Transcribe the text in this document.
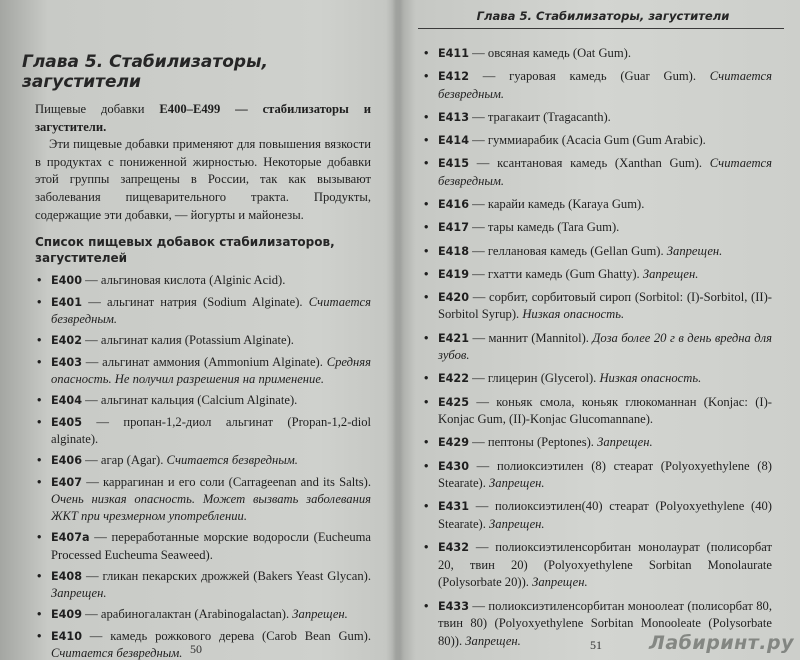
Глава 5. Стабилизаторы, загустители

Пищевые добавки Е400–Е499 — стабилизаторы и загустители.

Эти пищевые добавки применяют для повышения вязкости в продуктах с пониженной жирностью. Некоторые добавки этой группы запрещены в России, так как вызывают заболевания пищеварительного тракта. Продукты, содержащие эти добавки, — йогурты и майонезы.

Список пищевых добавок стабилизаторов, загустителей
• Е400 — альгиновая кислота (Alginic Acid).
• Е401 — альгинат натрия (Sodium Alginate). Считается безвредным.
• Е402 — альгинат калия (Potassium Alginate).
• Е403 — альгинат аммония (Ammonium Alginate). Средняя опасность. Не получил разрешения на применение.
• Е404 — альгинат кальция (Calcium Alginate).
• Е405 — пропан-1,2-диол альгинат (Propan-1,2-diol alginate).
• Е406 — агар (Agar). Считается безвредным.
• Е407 — каррагинан и его соли (Carrageenan and its Salts). Очень низкая опасность. Может вызвать заболевания ЖКТ при чрезмерном употреблении.
• Е407а — переработанные морские водоросли (Eucheuma Processed Eucheuma Seaweed).
• Е408 — гликан пекарских дрожжей (Bakers Yeast Glycan). Запрещен.
• Е409 — арабиногалактан (Arabinogalactan). Запрещен.
• Е410 — камедь рожкового дерева (Carob Bean Gum). Считается безвредным. 50
Глава 5. Стабилизаторы, загустители
• Е411 — овсяная камедь (Oat Gum).
• Е412 — гуаровая камедь (Guar Gum). Считается безвредным.
• Е413 — трагакаит (Tragacanth).
• Е414 — гуммиарабик (Acacia Gum (Gum Arabic).
• Е415 — ксантановая камедь (Xanthan Gum). Считается безвредным.
• Е416 — карайи камедь (Karaya Gum).
• Е417 — тары камедь (Tara Gum).
• Е418 — геллановая камедь (Gellan Gum). Запрещен.
• Е419 — гхатти камедь (Gum Ghatty). Запрещен.
• Е420 — сорбит, сорбитовый сироп (Sorbitol: (I)-Sorbitol, (II)-Sorbitol Syrup). Низкая опасность.
• Е421 — маннит (Mannitol). Доза более 20 г в день вредна для зубов.
• Е422 — глицерин (Glycerol). Низкая опасность.
• Е425 — коньяк смола, коньяк глюкоманнан (Konjac: (I)-Konjac Gum, (II)-Konjac Glucomannane).
• Е429 — пептоны (Peptones). Запрещен.
• Е430 — полиоксиэтилен (8) стеарат (Polyoxyethylene (8) Stearate). Запрещен.
• Е431 — полиоксиэтилен(40) стеарат (Polyoxyethylene (40) Stearate). Запрещен.
• Е432 — полиоксиэтиленсорбитан монолаурат (полисорбат 20, твин 20) (Polyoxyethylene Sorbitan Monolaurate (Polysorbate 20)). Запрещен.
• Е433 — полиоксиэтиленсорбитан моноолеат (полисорбат 80, твин 80) (Polyoxyethylene Sorbitan Monooleate (Polysorbate 80)). Запрещен.	51 Лабиринт.ру
